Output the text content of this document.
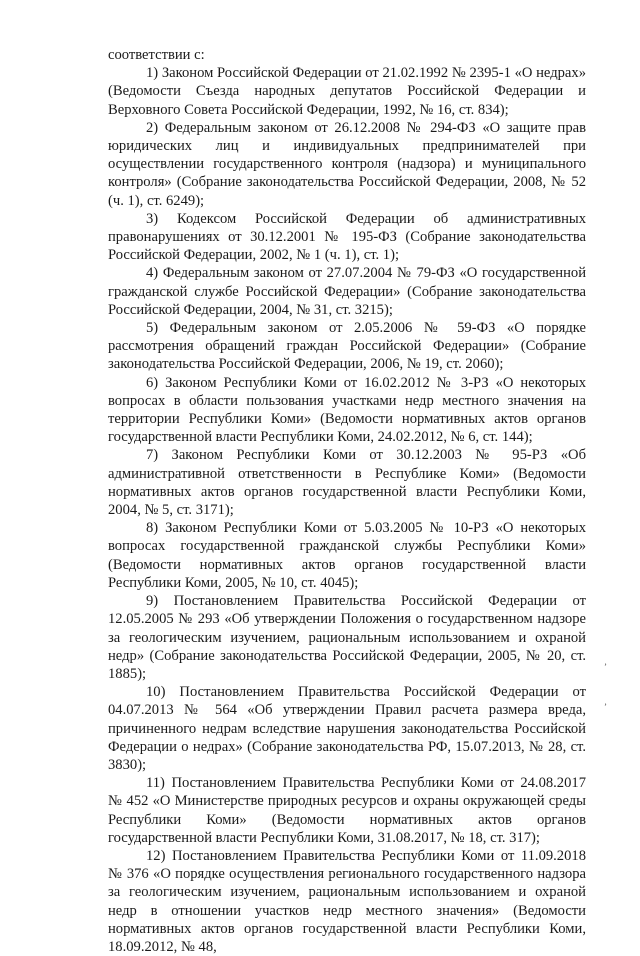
соответствии с:

1) Законом Российской Федерации от 21.02.1992 № 2395-1 «О недрах» (Ведомости Съезда народных депутатов Российской Федерации и Верховного Совета Российской Федерации, 1992, № 16, ст. 834);

2) Федеральным законом от 26.12.2008 № 294-ФЗ «О защите прав юридических лиц и индивидуальных предпринимателей при осуществлении государственного контроля (надзора) и муниципального контроля» (Собрание законодательства Российской Федерации, 2008, № 52 (ч. 1), ст. 6249);

3) Кодексом Российской Федерации об административных правонарушениях от 30.12.2001 № 195-ФЗ (Собрание законодательства Российской Федерации, 2002, № 1 (ч. 1), ст. 1);

4) Федеральным законом от 27.07.2004 № 79-ФЗ «О государственной гражданской службе Российской Федерации» (Собрание законодательства Российской Федерации, 2004, № 31, ст. 3215);

5) Федеральным законом от 2.05.2006 № 59-ФЗ «О порядке рассмотрения обращений граждан Российской Федерации» (Собрание законодательства Российской Федерации, 2006, № 19, ст. 2060);

6) Законом Республики Коми от 16.02.2012 № 3-РЗ «О некоторых вопросах в области пользования участками недр местного значения на территории Республики Коми» (Ведомости нормативных актов органов государственной власти Республики Коми, 24.02.2012, № 6, ст. 144);

7) Законом Республики Коми от 30.12.2003 № 95-РЗ «Об административной ответственности в Республике Коми» (Ведомости нормативных актов органов государственной власти Республики Коми, 2004, № 5, ст. 3171);

8) Законом Республики Коми от 5.03.2005 № 10-РЗ «О некоторых вопросах государственной гражданской службы Республики Коми» (Ведомости нормативных актов органов государственной власти Республики Коми, 2005, № 10, ст. 4045);

9) Постановлением Правительства Российской Федерации от 12.05.2005 № 293 «Об утверждении Положения о государственном надзоре за геологическим изучением, рациональным использованием и охраной недр» (Собрание законодательства Российской Федерации, 2005, № 20, ст. 1885);

10) Постановлением Правительства Российской Федерации от 04.07.2013 № 564 «Об утверждении Правил расчета размера вреда, причиненного недрам вследствие нарушения законодательства Российской Федерации о недрах» (Собрание законодательства РФ, 15.07.2013, № 28, ст. 3830);

11) Постановлением Правительства Республики Коми от 24.08.2017 № 452 «О Министерстве природных ресурсов и охраны окружающей среды Республики Коми» (Ведомости нормативных актов органов государственной власти Республики Коми, 31.08.2017, № 18, ст. 317);

12) Постановлением Правительства Республики Коми от 11.09.2018 № 376 «О порядке осуществления регионального государственного надзора за геологическим изучением, рациональным использованием и охраной недр в отношении участков недр местного значения» (Ведомости нормативных актов органов государственной власти Республики Коми, 18.09.2012, № 48,

’
’
